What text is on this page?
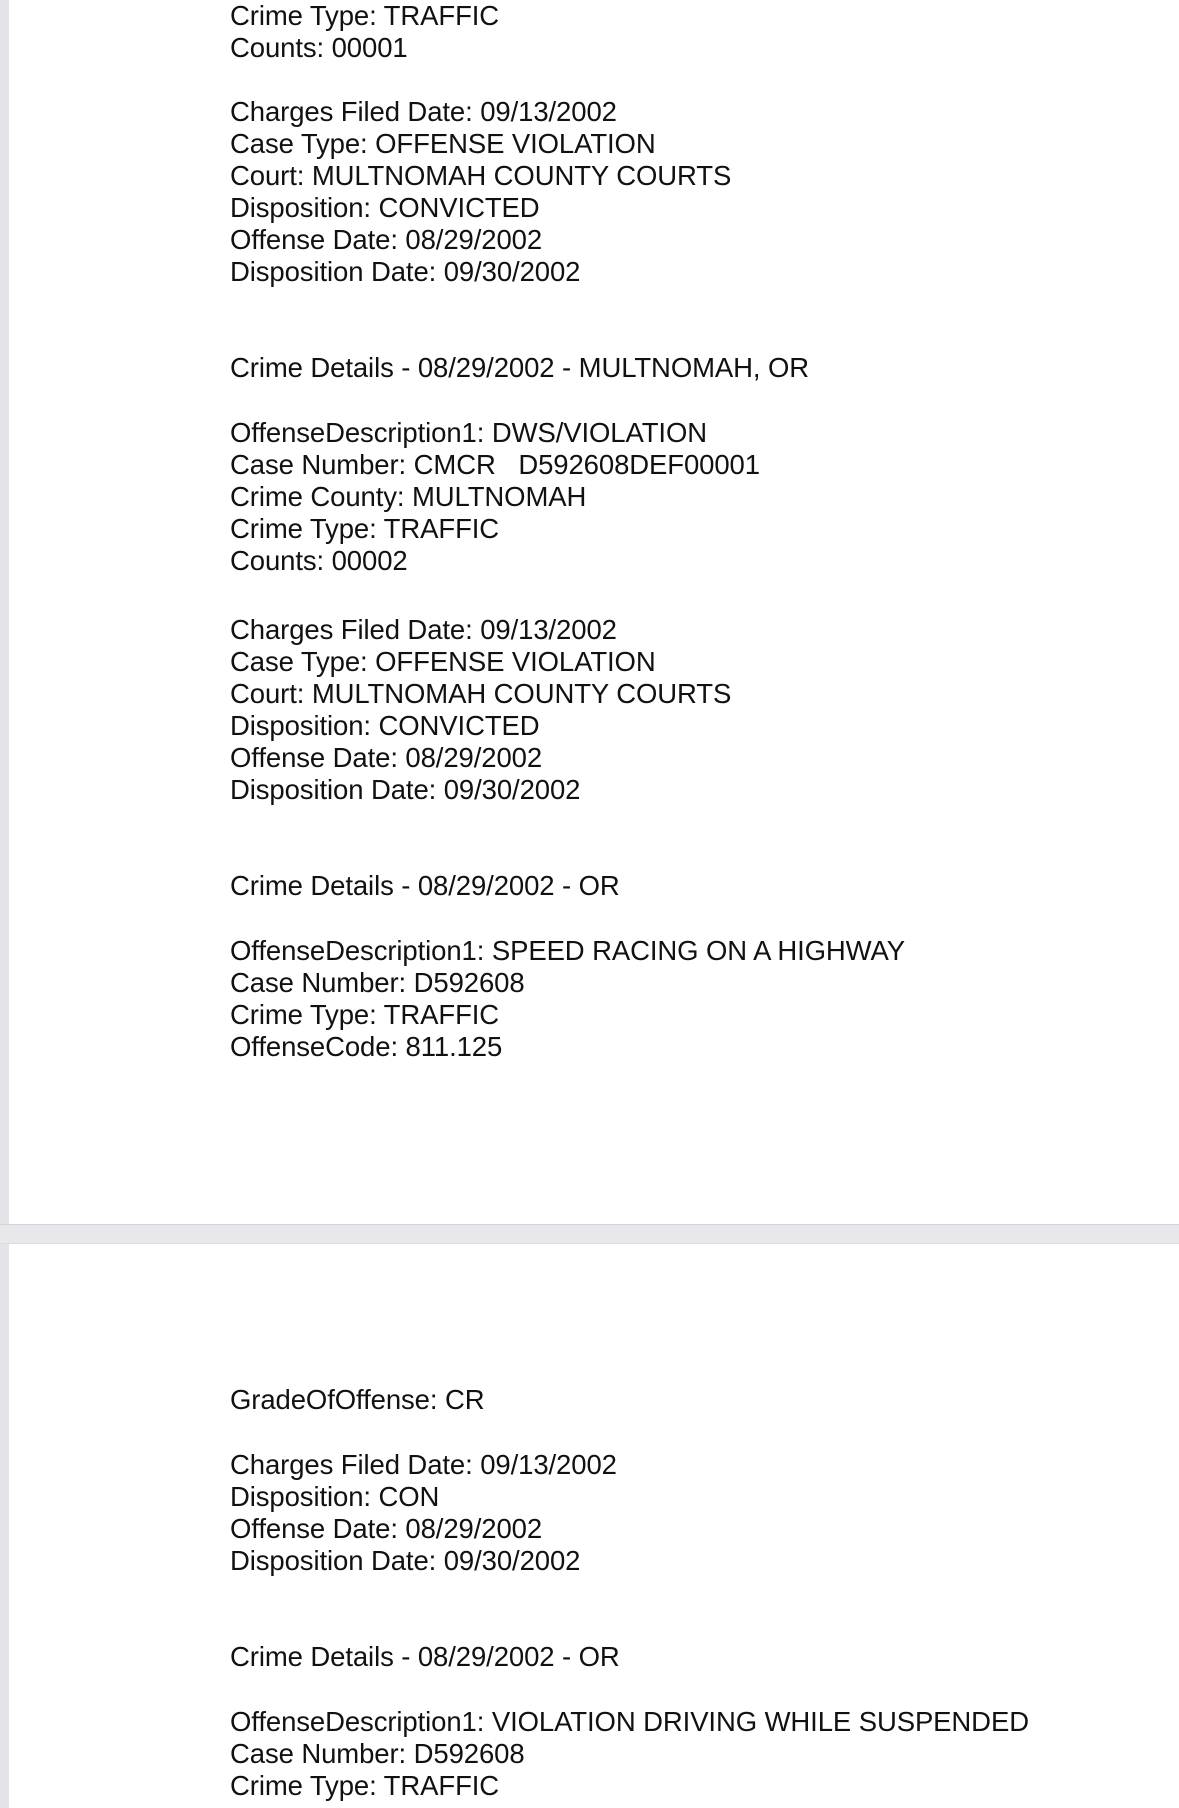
Crime Type: TRAFFIC
Counts: 00001
Charges Filed Date: 09/13/2002
Case Type: OFFENSE VIOLATION
Court: MULTNOMAH COUNTY COURTS
Disposition: CONVICTED
Offense Date: 08/29/2002
Disposition Date: 09/30/2002
Crime Details - 08/29/2002 - MULTNOMAH, OR
OffenseDescription1: DWS/VIOLATION
Case Number: CMCR   D592608DEF00001
Crime County: MULTNOMAH
Crime Type: TRAFFIC
Counts: 00002
Charges Filed Date: 09/13/2002
Case Type: OFFENSE VIOLATION
Court: MULTNOMAH COUNTY COURTS
Disposition: CONVICTED
Offense Date: 08/29/2002
Disposition Date: 09/30/2002
Crime Details - 08/29/2002 - OR
OffenseDescription1: SPEED RACING ON A HIGHWAY
Case Number: D592608
Crime Type: TRAFFIC
OffenseCode: 811.125
GradeOfOffense: CR
Charges Filed Date: 09/13/2002
Disposition: CON
Offense Date: 08/29/2002
Disposition Date: 09/30/2002
Crime Details - 08/29/2002 - OR
OffenseDescription1: VIOLATION DRIVING WHILE SUSPENDED
Case Number: D592608
Crime Type: TRAFFIC
